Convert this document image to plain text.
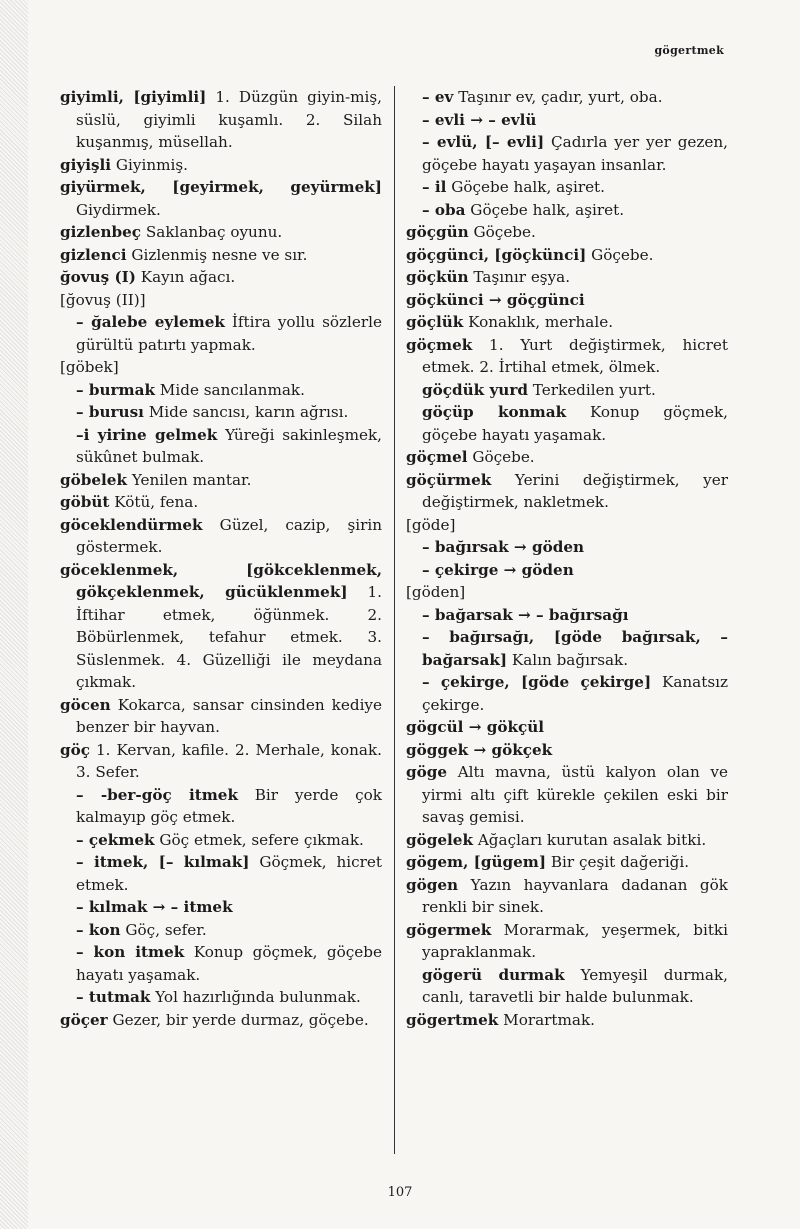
gögertmek
giyimli, [giyimli] 1. Düzgün giyin-miş, süslü, giyimli kuşamlı. 2. Silah kuşanmış, müsellah.
giyişli Giyinmiş.
giyürmek, [geyirmek, geyürmek] Giydirmek.
gizlenbeç Saklanbaç oyunu.
gizlenci Gizlenmiş nesne ve sır.
ğovuş (I) Kayın ağacı.
[ğovuş (II)]
– ğalebe eylemek İftira yollu sözlerle gürültü patırtı yapmak.
[göbek]
– burmak Mide sancılanmak.
– burusı Mide sancısı, karın ağrısı.
–i yirine gelmek Yüreği sakinleşmek, sükûnet bulmak.
göbelek Yenilen mantar.
göbüt Kötü, fena.
göceklendürmek Güzel, cazip, şirin göstermek.
göceklenmek, [gökceklenmek, gökçeklenmek, gücüklenmek] 1. İftihar etmek, öğünmek. 2. Böbürlenmek, tefahur etmek. 3. Süslenmek. 4. Güzelliği ile meydana çıkmak.
göcen Kokarca, sansar cinsinden kediye benzer bir hayvan.
göç 1. Kervan, kafile. 2. Merhale, konak. 3. Sefer.
– -ber-göç itmek Bir yerde çok kalmayıp göç etmek.
– çekmek Göç etmek, sefere çıkmak.
– itmek, [– kılmak] Göçmek, hicret etmek.
– kılmak → – itmek
– kon Göç, sefer.
– kon itmek Konup göçmek, göçebe hayatı yaşamak.
– tutmak Yol hazırlığında bulunmak.
göçer Gezer, bir yerde durmaz, göçebe.
– ev Taşınır ev, çadır, yurt, oba.
– evli → – evlü
– evlü, [– evli] Çadırla yer yer gezen, göçebe hayatı yaşayan insanlar.
– il Göçebe halk, aşiret.
– oba Göçebe halk, aşiret.
göçgün Göçebe.
göçgünci, [göçkünci] Göçebe.
göçkün Taşınır eşya.
göçkünci → göçgünci
göçlük Konaklık, merhale.
göçmek 1. Yurt değiştirmek, hicret etmek. 2. İrtihal etmek, ölmek.
göçdük yurd Terkedilen yurt.
göçüp konmak Konup göçmek, göçebe hayatı yaşamak.
göçmel Göçebe.
göçürmek Yerini değiştirmek, yer değiştirmek, nakletmek.
[göde]
– bağırsak → göden
– çekirge → göden
[göden]
– bağarsak → – bağırsağı
– bağırsağı, [göde bağırsak, – bağarsak] Kalın bağırsak.
– çekirge, [göde çekirge] Kanatsız çekirge.
gögcül → gökçül
göggek → gökçek
göge Altı mavna, üstü kalyon olan ve yirmi altı çift kürekle çekilen eski bir savaş gemisi.
gögelek Ağaçları kurutan asalak bitki.
gögem, [gügem] Bir çeşit dağeriği.
gögen Yazın hayvanlara dadanan gök renkli bir sinek.
gögermek Morarmak, yeşermek, bitki yapraklanmak.
gögerü durmak Yemyeşil durmak, canlı, taravetli bir halde bulunmak.
gögertmek Morartmak.
107
